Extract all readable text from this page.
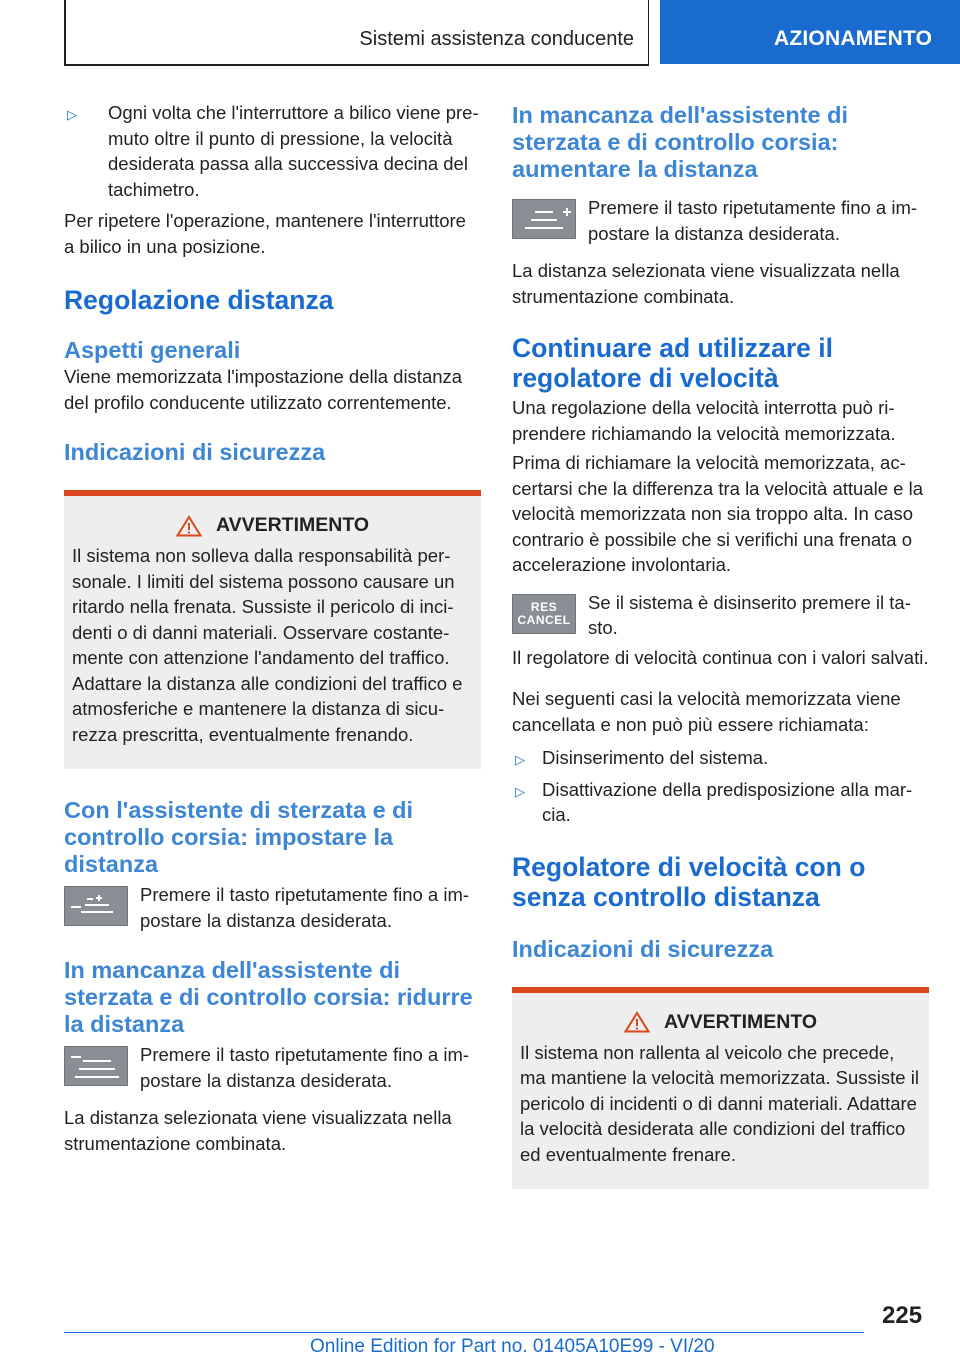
Sistemi assistenza conducente	AZIONAMENTO
▷ Ogni volta che l'interruttore a bilico viene premuto oltre il punto di pressione, la velocità desiderata passa alla successiva decina del tachimetro.

Per ripetere l'operazione, mantenere l'interruttore a bilico in una posizione.

Regolazione distanza
Aspetti generali

Viene memorizzata l'impostazione della distanza del profilo conducente utilizzato correntemente.

Indicazioni di sicurezza
AVVERTIMENTO

Il sistema non solleva dalla responsabilità personale. I limiti del sistema possono causare un ritardo nella frenata. Sussiste il pericolo di incidenti o di danni materiali. Osservare costantemente con attenzione l'andamento del traffico. Adattare la distanza alle condizioni del traffico e atmosferiche e mantenere la distanza di sicurezza prescritta, eventualmente frenando.

Con l'assistente di sterzata e di controllo corsia: impostare la distanza

Premere il tasto ripetutamente fino a impostare la distanza desiderata.

In mancanza dell'assistente di sterzata e di controllo corsia: ridurre la distanza

Premere il tasto ripetutamente fino a impostare la distanza desiderata.

La distanza selezionata viene visualizzata nella strumentazione combinata.

In mancanza dell'assistente di sterzata e di controllo corsia: aumentare la distanza

Premere il tasto ripetutamente fino a impostare la distanza desiderata.

La distanza selezionata viene visualizzata nella strumentazione combinata.

Continuare ad utilizzare il regolatore di velocità

Una regolazione della velocità interrotta può riprendere richiamando la velocità memorizzata.

Prima di richiamare la velocità memorizzata, accertarsi che la differenza tra la velocità attuale e la velocità memorizzata non sia troppo alta. In caso contrario è possibile che si verifichi una frenata o accelerazione involontaria.

RES
CANCEL

Se il sistema è disinserito premere il tasto.

Il regolatore di velocità continua con i valori salvati.

Nei seguenti casi la velocità memorizzata viene cancellata e non può più essere richiamata:

▷ Disinserimento del sistema.
▷ Disattivazione della predisposizione alla marcia.
Regolatore di velocità con o senza controllo distanza
Indicazioni di sicurezza
AVVERTIMENTO

Il sistema non rallenta al veicolo che precede, ma mantiene la velocità memorizzata. Sussiste il pericolo di incidenti o di danni materiali. Adattare la velocità desiderata alle condizioni del traffico ed eventualmente frenare.

225
Online Edition for Part no. 01405A10E99 - VI/20
